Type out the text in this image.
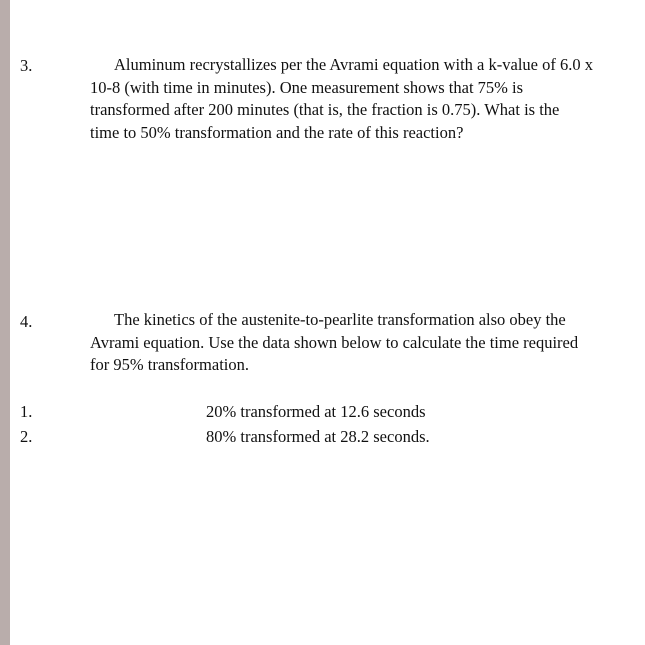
3.	Aluminum recrystallizes per the Avrami equation with a k-value of 6.0 x
10-8 (with time in minutes). One measurement shows that 75% is
transformed after 200 minutes (that is, the fraction is 0.75). What is the
time to 50% transformation and the rate of this reaction?
4.	The kinetics of the austenite-to-pearlite transformation also obey the
Avrami equation. Use the data shown below to calculate the time required
for 95% transformation.
1.	20% transformed at 12.6 seconds
2.	80% transformed at 28.2 seconds.
